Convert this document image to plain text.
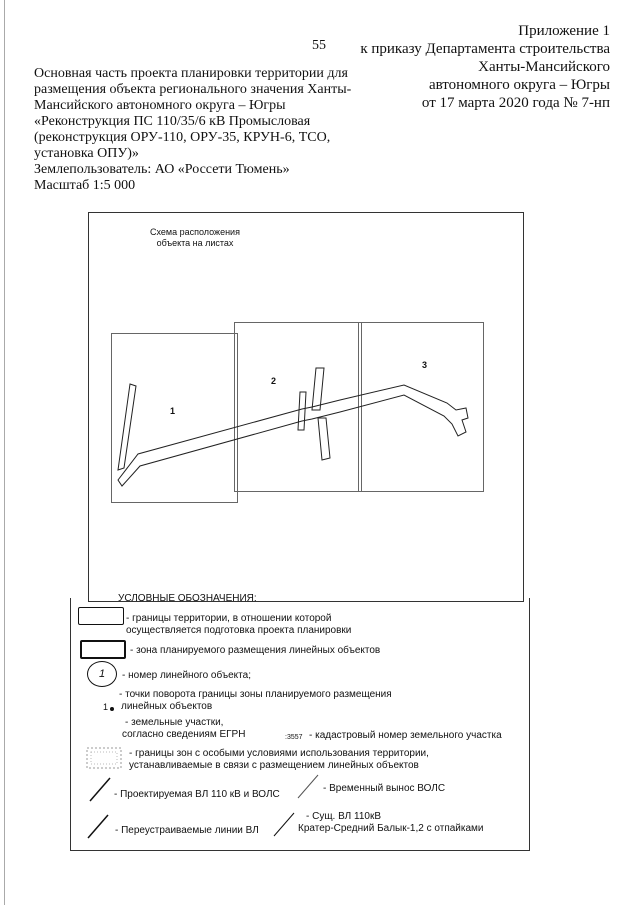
55
Приложение 1
к приказу Департамента строительства
Ханты-Мансийского
автономного округа – Югры
от 17 марта 2020 года № 7-нп
Основная часть проекта планировки территории для
размещения объекта регионального значения Ханты-
Мансийского автономного округа – Югры
«Реконструкция ПС 110/35/6 кВ Промысловая
(реконструкция ОРУ-110, ОРУ-35, КРУН-6, ТСО,
установка ОПУ)»
Землепользователь: АО «Россети Тюмень»
Масштаб 1:5 000
Схема расположения
объекта на листах
1
2
3
УСЛОВНЫЕ ОБОЗНАЧЕНИЯ:
- границы территории, в отношении которой
осуществляется подготовка проекта планировки
- зона планируемого размещения линейных объектов
1	- номер линейного объекта;
- точки поворота границы зоны планируемого размещения
линейных объектов
1
- земельные участки,
согласно сведениям ЕГРН	:3557 - кадастровый номер земельного участка
- границы зон с особыми условиями использования территории,
устанавливаемые в связи с размещением линейных объектов
- Проектируемая ВЛ 110 кВ и ВОЛС
- Временный вынос ВОЛС
- Переустраиваемые линии ВЛ
- Сущ. ВЛ 110кВ
Кратер-Средний Балык-1,2 с отпайками
